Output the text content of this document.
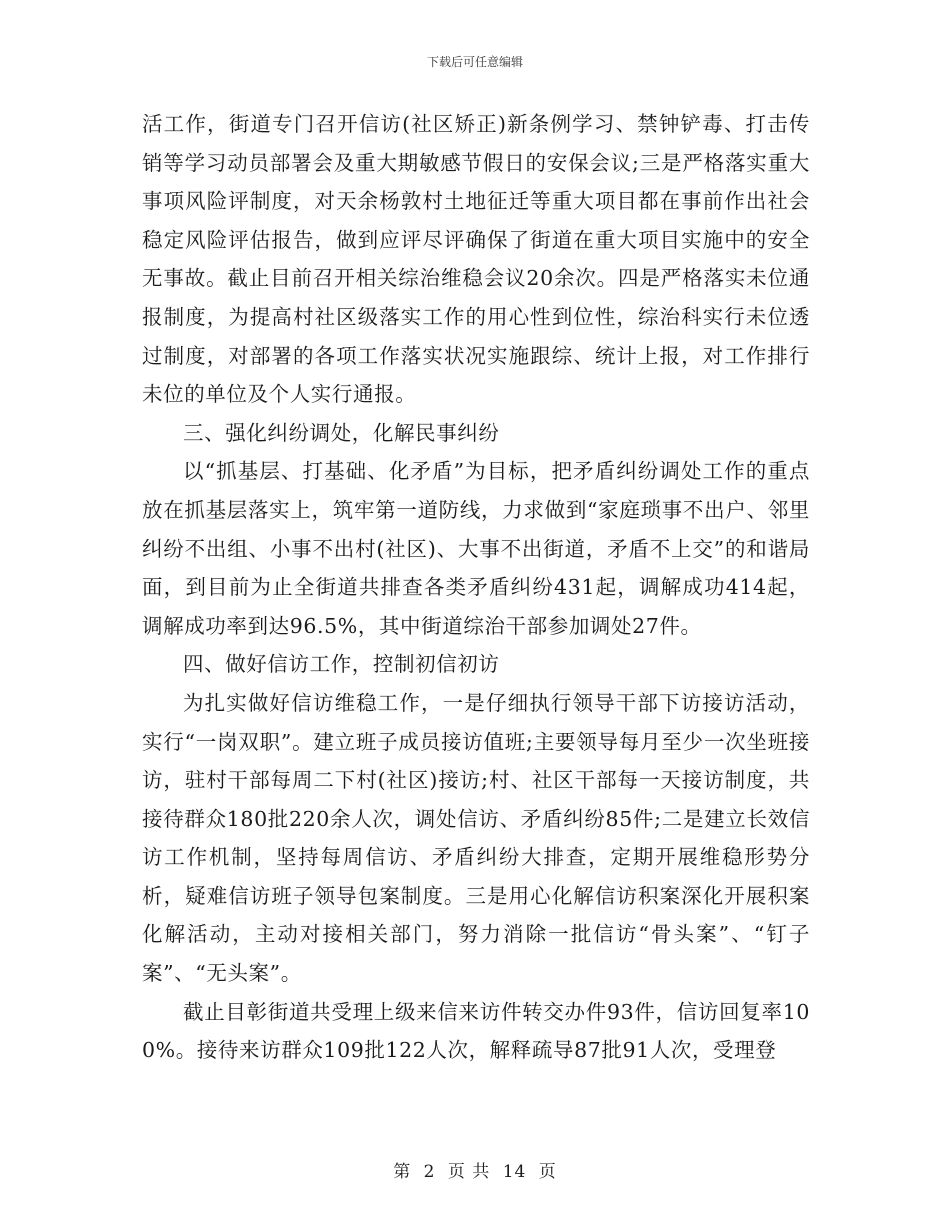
下载后可任意编辑

活工作，街道专门召开信访(社区矫正)新条例学习、禁钟铲毒、打击传销等学习动员部署会及重大期敏感节假日的安保会议;三是严格落实重大事项风险评制度，对天余杨敦村土地征迁等重大项目都在事前作出社会稳定风险评估报告，做到应评尽评确保了街道在重大项目实施中的安全无事故。截止目前召开相关综治维稳会议20余次。四是严格落实未位通报制度，为提高村社区级落实工作的用心性到位性，综治科实行未位透过制度，对部署的各项工作落实状况实施跟综、统计上报，对工作排行未位的单位及个人实行通报。

三、强化纠纷调处，化解民事纠纷

以“抓基层、打基础、化矛盾”为目标，把矛盾纠纷调处工作的重点放在抓基层落实上，筑牢第一道防线，力求做到“家庭琐事不出户、邻里纠纷不出组、小事不出村(社区)、大事不出街道，矛盾不上交”的和谐局面，到目前为止全街道共排查各类矛盾纠纷431起，调解成功414起，调解成功率到达96.5%，其中街道综治干部参加调处27件。

四、做好信访工作，控制初信初访

为扎实做好信访维稳工作，一是仔细执行领导干部下访接访活动，实行“一岗双职”。建立班子成员接访值班;主要领导每月至少一次坐班接访，驻村干部每周二下村(社区)接访;村、社区干部每一天接访制度，共接待群众180批220余人次，调处信访、矛盾纠纷85件;二是建立长效信访工作机制，坚持每周信访、矛盾纠纷大排查，定期开展维稳形势分析，疑难信访班子领导包案制度。三是用心化解信访积案深化开展积案化解活动，主动对接相关部门，努力消除一批信访“骨头案”、“钉子案”、“无头案”。

截止目彰街道共受理上级来信来访件转交办件93件，信访回复率100%。接待来访群众109批122人次，解释疏导87批91人次，受理登

第 2 页 共 14 页
